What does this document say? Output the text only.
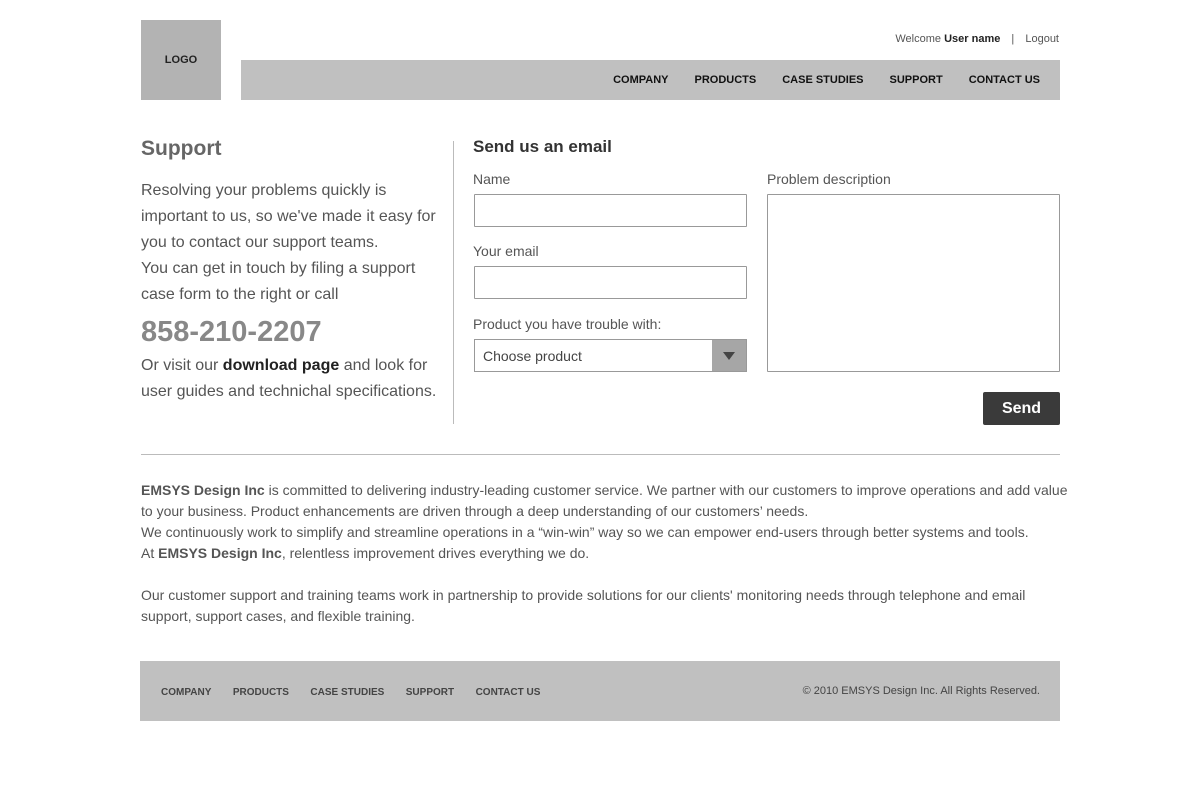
LOGO
Welcome User name | Logout
COMPANY PRODUCTS CASE STUDIES SUPPORT CONTACT US
Support

Resolving your problems quickly is important to us, so we've made it easy for you to contact our support teams.

You can get in touch by filing a support case form to the right or call

858-210-2207

Or visit our download page and look for user guides and technichal specifications.

Send us an email
Name
Your email
Product you have trouble with:
Choose product
Problem description
Send

EMSYS Design Inc is committed to delivering industry-leading customer service. We partner with our customers to improve operations and add value to your business. Product enhancements are driven through a deep understanding of our customers’ needs.

We continuously work to simplify and streamline operations in a “win-win” way so we can empower end-users through better systems and tools.

At EMSYS Design Inc, relentless improvement drives everything we do.

Our customer support and training teams work in partnership to provide solutions for our clients' monitoring needs through telephone and email support, support cases, and flexible training.

COMPANY PRODUCTS CASE STUDIES SUPPORT CONTACT US	© 2010 EMSYS Design Inc. All Rights Reserved.
